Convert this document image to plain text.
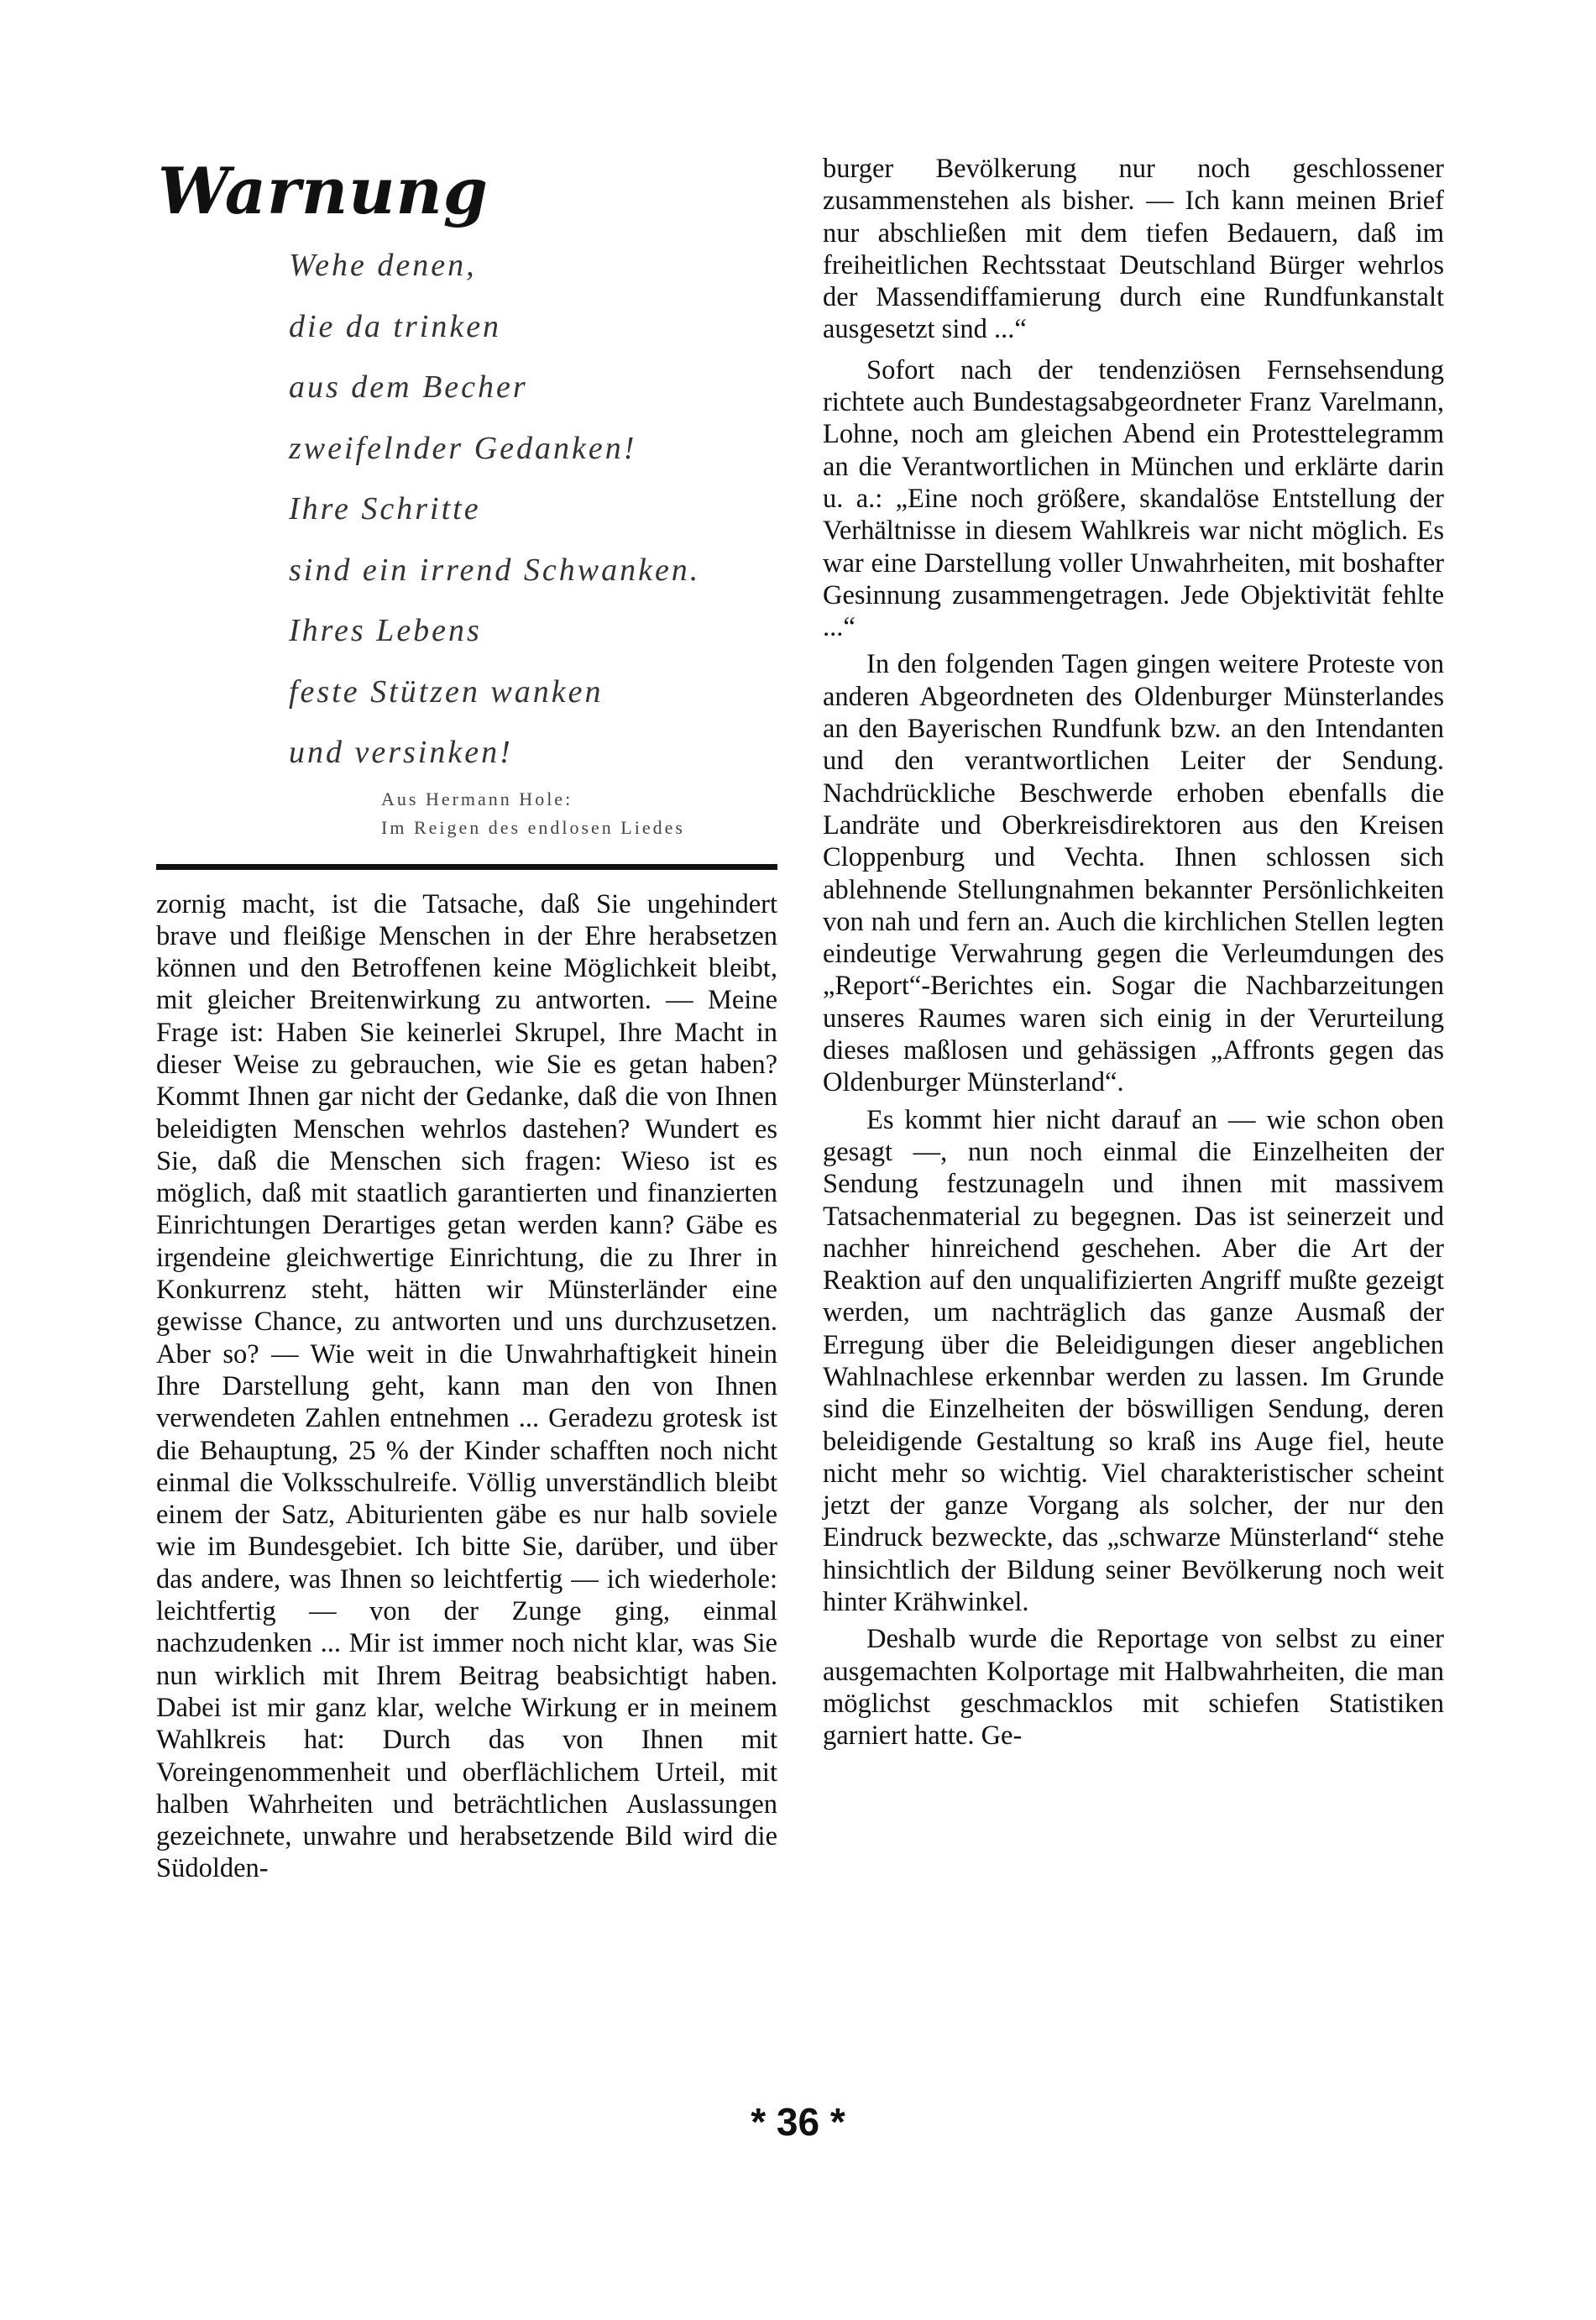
Warnung
Wehe denen,
die da trinken
aus dem Becher
zweifelnder Gedanken!
Ihre Schritte
sind ein irrend Schwanken.
Ihres Lebens
feste Stützen wanken
und versinken!
Aus Hermann Hole:
Im Reigen des endlosen Liedes

zornig macht, ist die Tatsache, daß Sie ungehindert brave und fleißige Menschen in der Ehre herabsetzen können und den Betroffenen keine Möglichkeit bleibt, mit gleicher Breitenwirkung zu antworten. — Meine Frage ist: Haben Sie keinerlei Skrupel, Ihre Macht in dieser Weise zu gebrauchen, wie Sie es getan haben? Kommt Ihnen gar nicht der Gedanke, daß die von Ihnen beleidigten Menschen wehrlos dastehen? Wundert es Sie, daß die Menschen sich fragen: Wieso ist es möglich, daß mit staatlich garantierten und finanzierten Einrichtungen Derartiges getan werden kann? Gäbe es irgendeine gleichwertige Einrichtung, die zu Ihrer in Konkurrenz steht, hätten wir Münsterländer eine gewisse Chance, zu antworten und uns durchzusetzen. Aber so? — Wie weit in die Unwahrhaftigkeit hinein Ihre Darstellung geht, kann man den von Ihnen verwendeten Zahlen entnehmen ... Geradezu grotesk ist die Behauptung, 25 % der Kinder schafften noch nicht einmal die Volksschulreife. Völlig unverständlich bleibt einem der Satz, Abiturienten gäbe es nur halb soviele wie im Bundesgebiet. Ich bitte Sie, darüber, und über das andere, was Ihnen so leichtfertig — ich wiederhole: leichtfertig — von der Zunge ging, einmal nachzudenken ... Mir ist immer noch nicht klar, was Sie nun wirklich mit Ihrem Beitrag beabsichtigt haben. Dabei ist mir ganz klar, welche Wirkung er in meinem Wahlkreis hat: Durch das von Ihnen mit Voreingenommenheit und oberflächlichem Urteil, mit halben Wahrheiten und beträchtlichen Auslassungen gezeichnete, unwahre und herabsetzende Bild wird die Südolden-

burger Bevölkerung nur noch geschlossener zusammenstehen als bisher. — Ich kann meinen Brief nur abschließen mit dem tiefen Bedauern, daß im freiheitlichen Rechtsstaat Deutschland Bürger wehrlos der Massendiffamierung durch eine Rundfunkanstalt ausgesetzt sind ...“

Sofort nach der tendenziösen Fernsehsendung richtete auch Bundestagsabgeordneter Franz Varelmann, Lohne, noch am gleichen Abend ein Protesttelegramm an die Verantwortlichen in München und erklärte darin u. a.: „Eine noch größere, skandalöse Entstellung der Verhältnisse in diesem Wahlkreis war nicht möglich. Es war eine Darstellung voller Unwahrheiten, mit boshafter Gesinnung zusammengetragen. Jede Objektivität fehlte ...“

In den folgenden Tagen gingen weitere Proteste von anderen Abgeordneten des Oldenburger Münsterlandes an den Bayerischen Rundfunk bzw. an den Intendanten und den verantwortlichen Leiter der Sendung. Nachdrückliche Beschwerde erhoben ebenfalls die Landräte und Oberkreisdirektoren aus den Kreisen Cloppenburg und Vechta. Ihnen schlossen sich ablehnende Stellungnahmen bekannter Persönlichkeiten von nah und fern an. Auch die kirchlichen Stellen legten eindeutige Verwahrung gegen die Verleumdungen des „Report“-Berichtes ein. Sogar die Nachbarzeitungen unseres Raumes waren sich einig in der Verurteilung dieses maßlosen und gehässigen „Affronts gegen das Oldenburger Münsterland“.

Es kommt hier nicht darauf an — wie schon oben gesagt —, nun noch einmal die Einzelheiten der Sendung festzunageln und ihnen mit massivem Tatsachenmaterial zu begegnen. Das ist seinerzeit und nachher hinreichend geschehen. Aber die Art der Reaktion auf den unqualifizierten Angriff mußte gezeigt werden, um nachträglich das ganze Ausmaß der Erregung über die Beleidigungen dieser angeblichen Wahlnachlese erkennbar werden zu lassen. Im Grunde sind die Einzelheiten der böswilligen Sendung, deren beleidigende Gestaltung so kraß ins Auge fiel, heute nicht mehr so wichtig. Viel charakteristischer scheint jetzt der ganze Vorgang als solcher, der nur den Eindruck bezweckte, das „schwarze Münsterland“ stehe hinsichtlich der Bildung seiner Bevölkerung noch weit hinter Krähwinkel.

Deshalb wurde die Reportage von selbst zu einer ausgemachten Kolportage mit Halbwahrheiten, die man möglichst geschmacklos mit schiefen Statistiken garniert hatte. Ge-

* 36 *
